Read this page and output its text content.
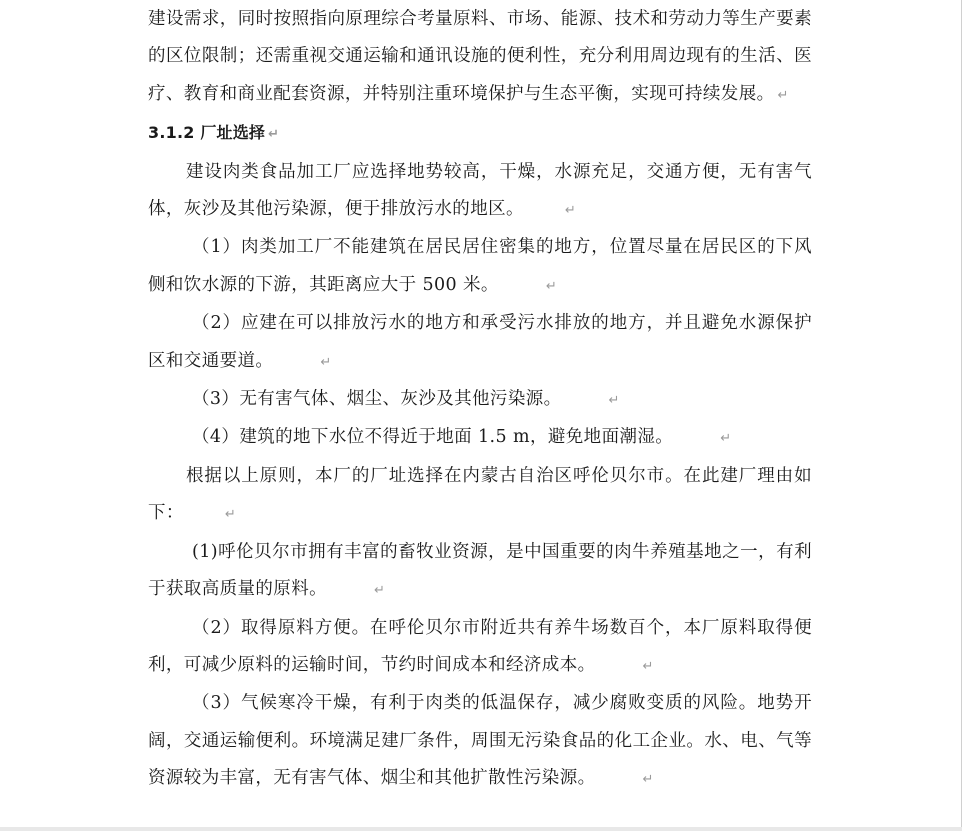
建设需求，同时按照指向原理综合考量原料、市场、能源、技术和劳动力等生产要素的区位限制；还需重视交通运输和通讯设施的便利性，充分利用周边现有的生活、医疗、教育和商业配套资源，并特别注重环境保护与生态平衡，实现可持续发展。 ↵

3.1.2 厂址选择 ↵

建设肉类食品加工厂应选择地势较高，干燥，水源充足，交通方便，无有害气体，灰沙及其他污染源，便于排放污水的地区。	↵

（1）肉类加工厂不能建筑在居民居住密集的地方，位置尽量在居民区的下风侧和饮水源的下游，其距离应大于 500 米。	↵

（2）应建在可以排放污水的地方和承受污水排放的地方，并且避免水源保护区和交通要道。	↵

（3）无有害气体、烟尘、灰沙及其他污染源。	↵

（4）建筑的地下水位不得近于地面 1.5 m，避免地面潮湿。	↵

根据以上原则，本厂的厂址选择在内蒙古自治区呼伦贝尔市。在此建厂理由如下：	↵

(1)呼伦贝尔市拥有丰富的畜牧业资源，是中国重要的肉牛养殖基地之一，有利于获取高质量的原料。	↵

（2）取得原料方便。在呼伦贝尔市附近共有养牛场数百个，本厂原料取得便利，可减少原料的运输时间，节约时间成本和经济成本。	↵

（3）气候寒冷干燥，有利于肉类的低温保存，减少腐败变质的风险。地势开阔，交通运输便利。环境满足建厂条件，周围无污染食品的化工企业。水、电、气等资源较为丰富，无有害气体、烟尘和其他扩散性污染源。	↵
